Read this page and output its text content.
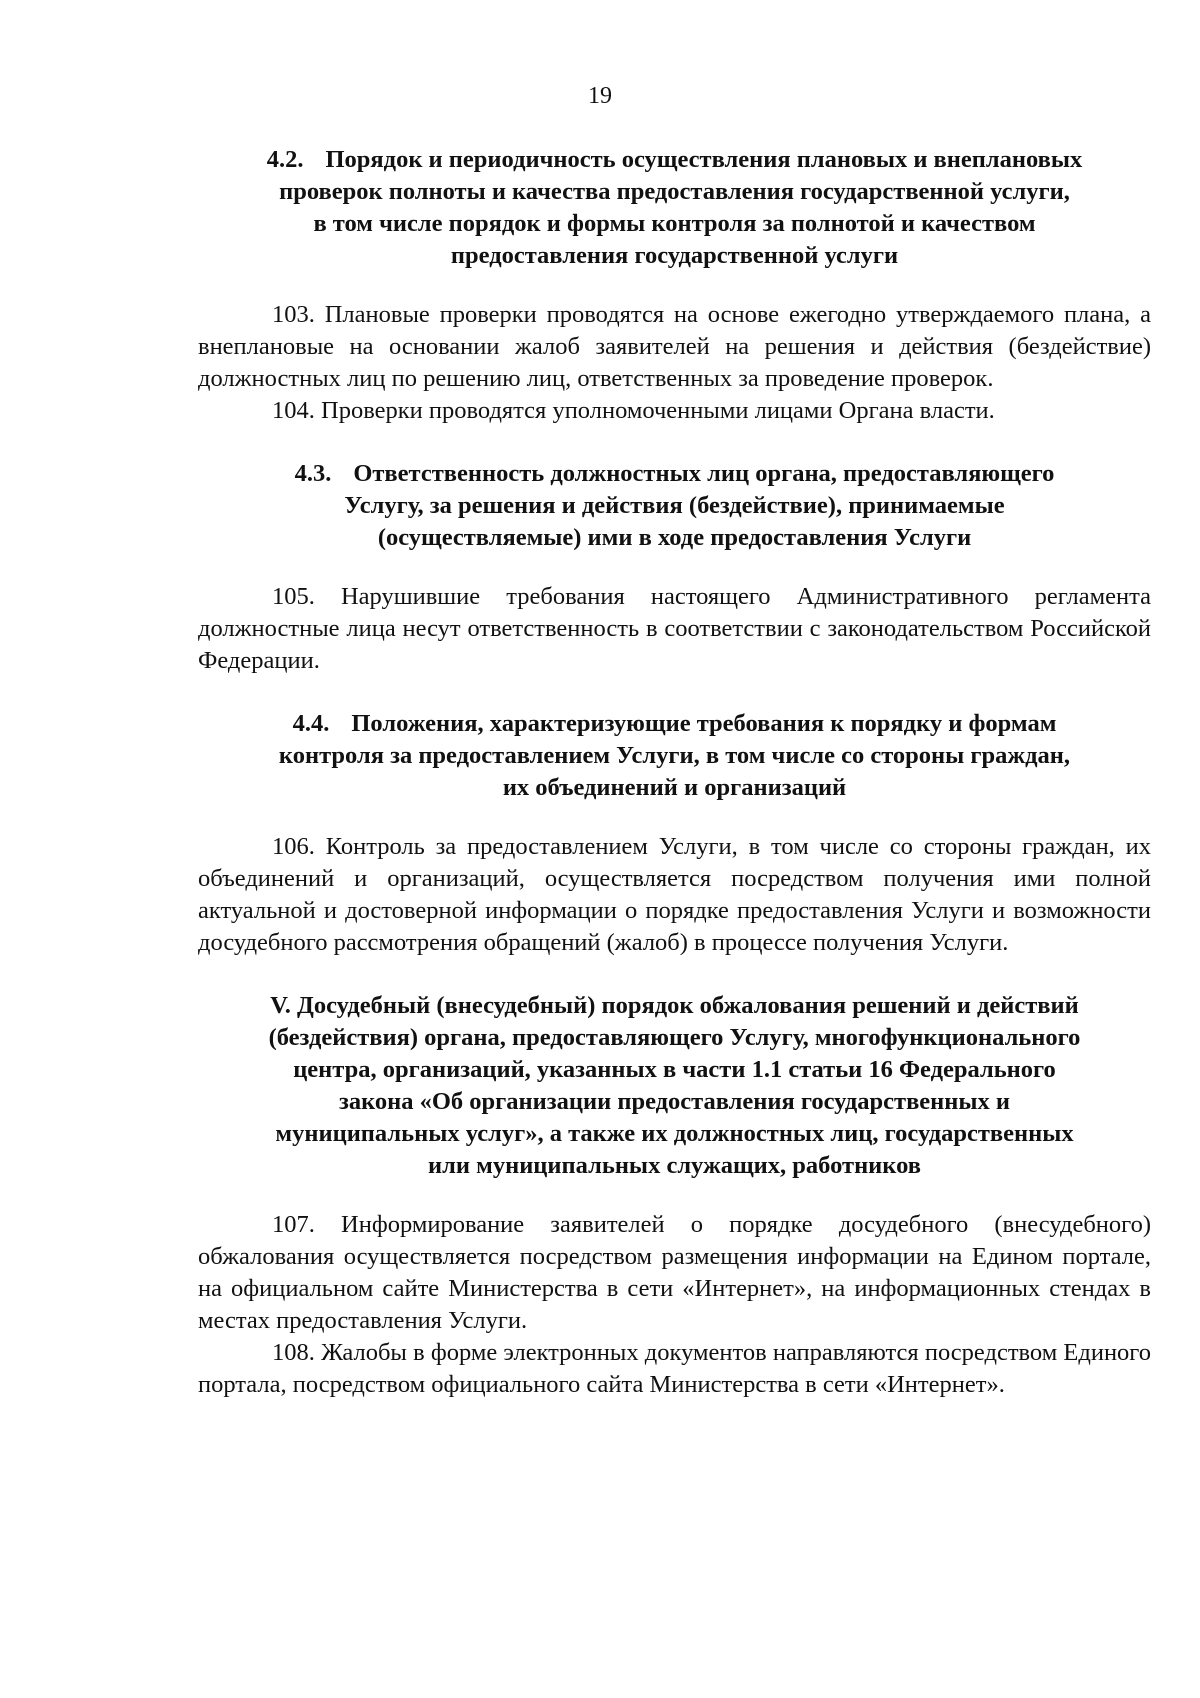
19

4.2. Порядок и периодичность осуществления плановых и внеплановых
проверок полноты и качества предоставления государственной услуги,
в том числе порядок и формы контроля за полнотой и качеством
предоставления государственной услуги

103. Плановые проверки проводятся на основе ежегодно утверждаемого плана, а внеплановые на основании жалоб заявителей на решения и действия (бездействие) должностных лиц по решению лиц, ответственных за проведение проверок.

104. Проверки проводятся уполномоченными лицами Органа власти.

4.3. Ответственность должностных лиц органа, предоставляющего
Услугу, за решения и действия (бездействие), принимаемые
(осуществляемые) ими в ходе предоставления Услуги

105. Нарушившие требования настоящего Административного регламента должностные лица несут ответственность в соответствии с законодательством Российской Федерации.

4.4. Положения, характеризующие требования к порядку и формам
контроля за предоставлением Услуги, в том числе со стороны граждан,
их объединений и организаций

106. Контроль за предоставлением Услуги, в том числе со стороны граждан, их объединений и организаций, осуществляется посредством получения ими полной актуальной и достоверной информации о порядке предоставления Услуги и возможности досудебного рассмотрения обращений (жалоб) в процессе получения Услуги.

V. Досудебный (внесудебный) порядок обжалования решений и действий
(бездействия) органа, предоставляющего Услугу, многофункционального
центра, организаций, указанных в части 1.1 статьи 16 Федерального
закона «Об организации предоставления государственных и
муниципальных услуг», а также их должностных лиц, государственных
или муниципальных служащих, работников

107. Информирование заявителей о порядке досудебного (внесудебного) обжалования осуществляется посредством размещения информации на Едином портале, на официальном сайте Министерства в сети «Интернет», на информационных стендах в местах предоставления Услуги.

108. Жалобы в форме электронных документов направляются посредством Единого портала, посредством официального сайта Министерства в сети «Интернет».
